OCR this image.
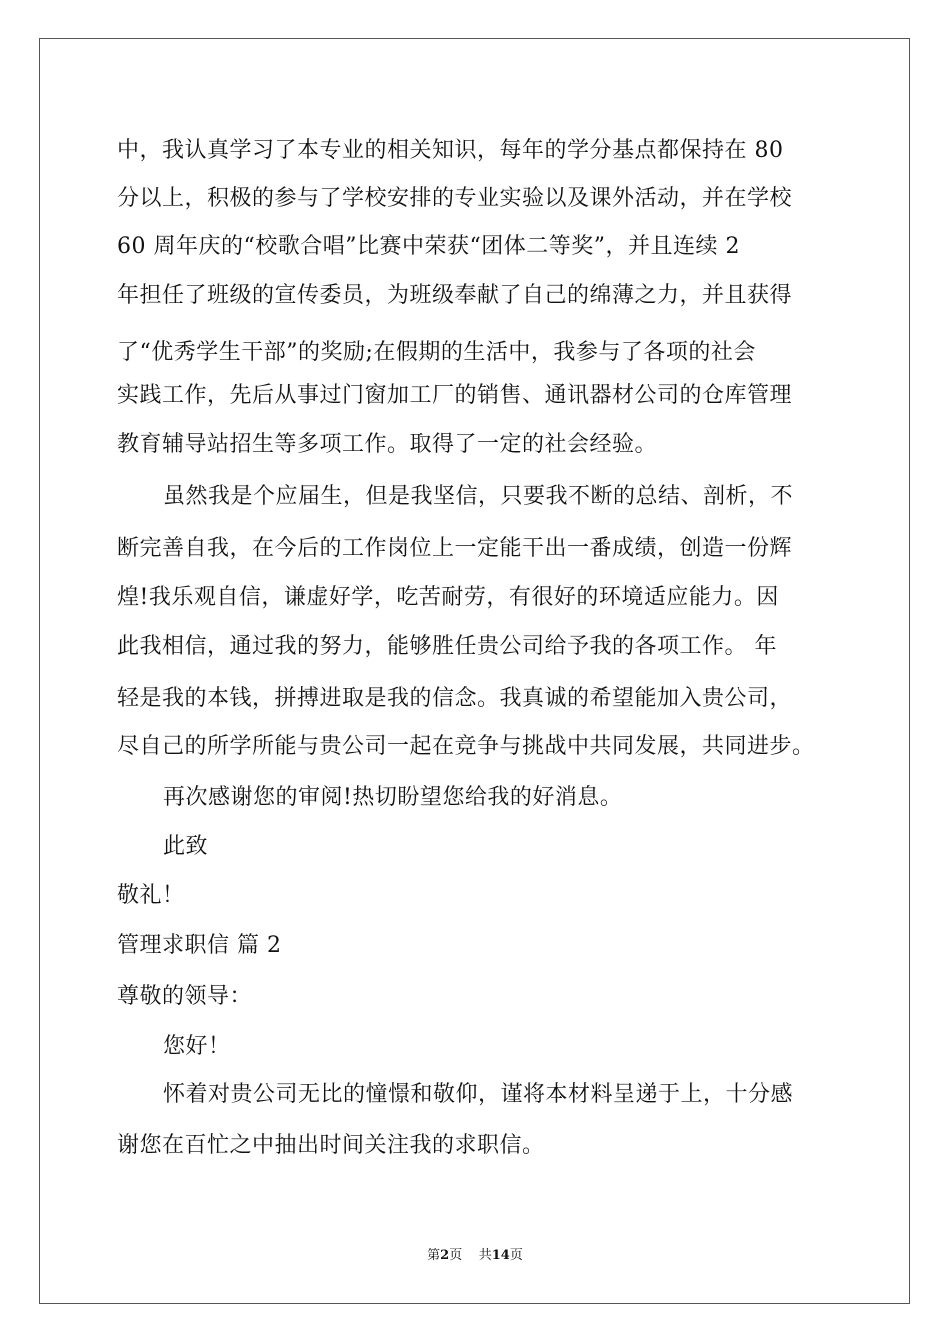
中，我认真学习了本专业的相关知识，每年的学分基点都保持在 80
分以上，积极的参与了学校安排的专业实验以及课外活动，并在学校
60 周年庆的“校歌合唱”比赛中荣获“团体二等奖”，并且连续 2
年担任了班级的宣传委员，为班级奉献了自己的绵薄之力，并且获得
了“优秀学生干部”的奖励;在假期的生活中，我参与了各项的社会
实践工作，先后从事过门窗加工厂的销售、通讯器材公司的仓库管理
教育辅导站招生等多项工作。取得了一定的社会经验。
虽然我是个应届生，但是我坚信，只要我不断的总结、剖析，不
断完善自我，在今后的工作岗位上一定能干出一番成绩，创造一份辉
煌!我乐观自信，谦虚好学，吃苦耐劳，有很好的环境适应能力。因
此我相信，通过我的努力，能够胜任贵公司给予我的各项工作。 年
轻是我的本钱，拼搏进取是我的信念。我真诚的希望能加入贵公司，
尽自己的所学所能与贵公司一起在竞争与挑战中共同发展，共同进步。
再次感谢您的审阅!热切盼望您给我的好消息。
此致
敬礼！
管理求职信 篇 2
尊敬的领导：
您好！
怀着对贵公司无比的憧憬和敬仰，谨将本材料呈递于上，十分感
谢您在百忙之中抽出时间关注我的求职信。
第2页 共14页
